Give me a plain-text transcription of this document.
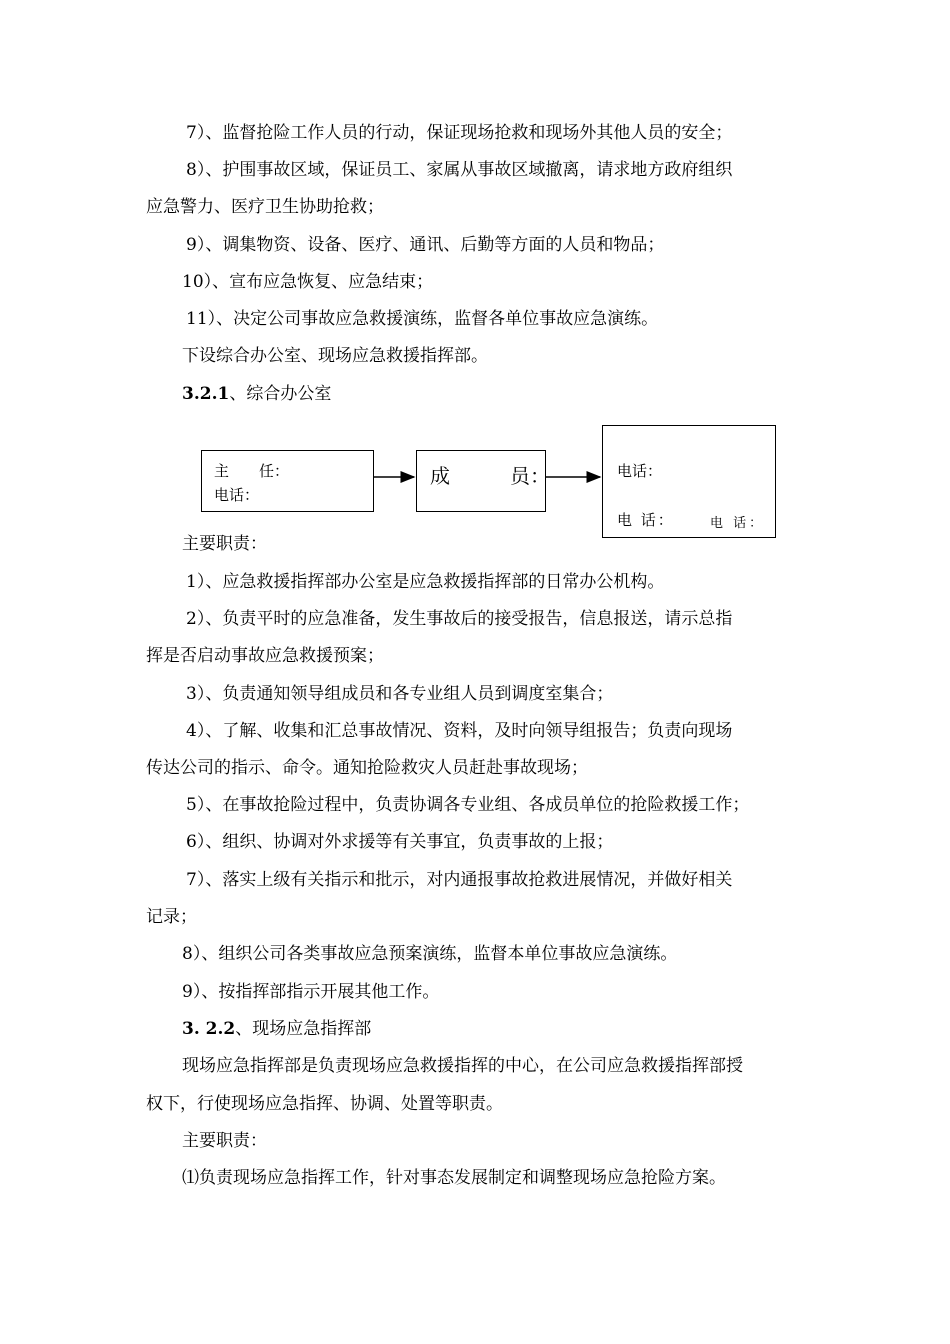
7）、监督抢险工作人员的行动，保证现场抢救和现场外其他人员的安全；

8）、护围事故区域，保证员工、家属从事故区域撤离，请求地方政府组织

应急警力、医疗卫生协助抢救；

9）、调集物资、设备、医疗、通讯、后勤等方面的人员和物品；

10）、宣布应急恢复、应急结束；

11）、决定公司事故应急救援演练，监督各单位事故应急演练。

下设综合办公室、现场应急救援指挥部。

3.2.1、综合办公室

主　　任：
电话：
成　　　员：	电话：
电 话：	电 话：

主要职责：

1）、应急救援指挥部办公室是应急救援指挥部的日常办公机构。

2）、负责平时的应急准备，发生事故后的接受报告，信息报送，请示总指

挥是否启动事故应急救援预案；

3）、负责通知领导组成员和各专业组人员到调度室集合；

4）、了解、收集和汇总事故情况、资料，及时向领导组报告；负责向现场

传达公司的指示、命令。通知抢险救灾人员赶赴事故现场；

5）、在事故抢险过程中，负责协调各专业组、各成员单位的抢险救援工作；

6）、组织、协调对外求援等有关事宜，负责事故的上报；

7）、落实上级有关指示和批示，对内通报事故抢救进展情况，并做好相关

记录；

8）、组织公司各类事故应急预案演练，监督本单位事故应急演练。

9）、按指挥部指示开展其他工作。

3. 2.2、现场应急指挥部

现场应急指挥部是负责现场应急救援指挥的中心，在公司应急救援指挥部授

权下，行使现场应急指挥、协调、处置等职责。

主要职责：

⑴负责现场应急指挥工作，针对事态发展制定和调整现场应急抢险方案。
